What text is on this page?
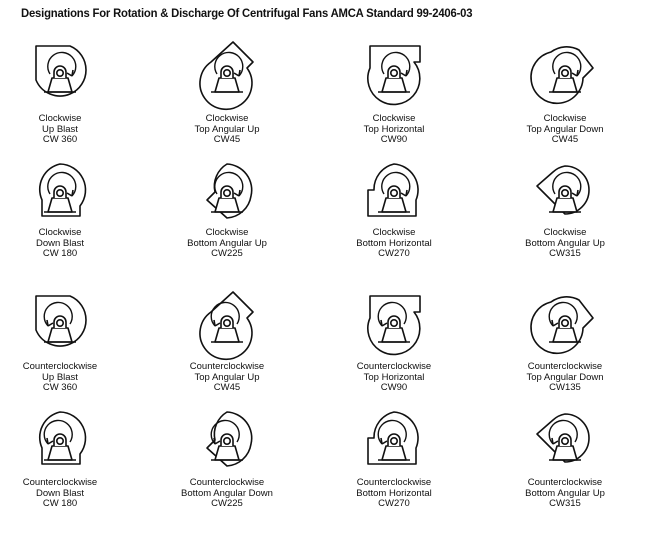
Designations For Rotation & Discharge Of Centrifugal Fans AMCA Standard 99-2406-03
Clockwise
Up Blast
CW 360
Clockwise
Top Angular Up
CW45
Clockwise
Top Horizontal
CW90
Clockwise
Top Angular Down
CW45
Clockwise
Down Blast
CW 180
Clockwise
Bottom Angular Up
CW225
Clockwise
Bottom Horizontal
CW270
Clockwise
Bottom Angular Up
CW315
Counterclockwise
Up Blast
CW 360
Counterclockwise
Top Angular Up
CW45
Counterclockwise
Top Horizontal
CW90
Counterclockwise
Top Angular Down
CW135
Counterclockwise
Down Blast
CW 180
Counterclockwise
Bottom Angular Down
CW225
Counterclockwise
Bottom Horizontal
CW270
Counterclockwise
Bottom Angular Up
CW315
